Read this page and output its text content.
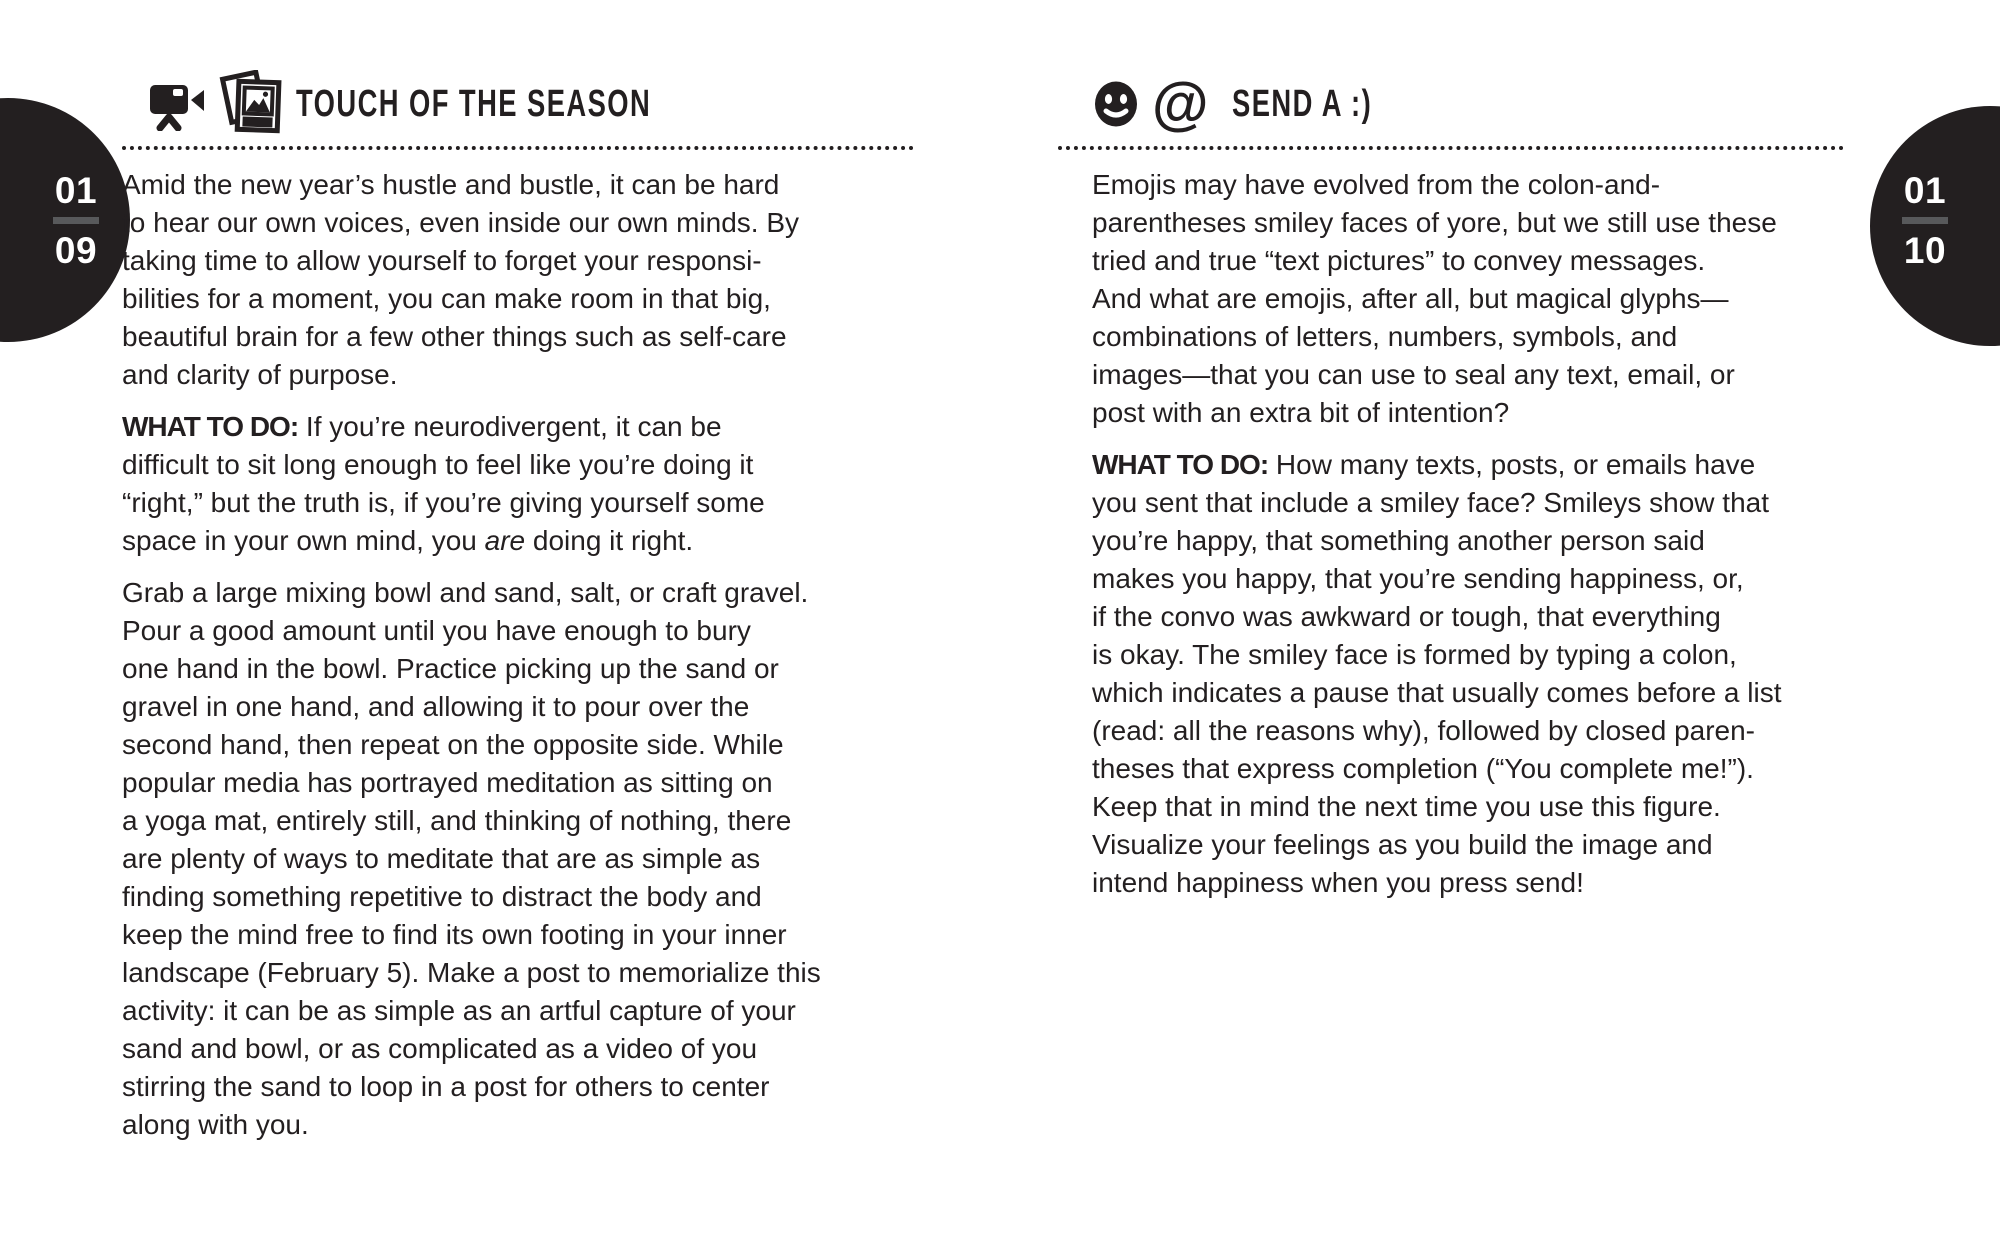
01
09
01
10
TOUCH OF THE SEASON
Amid the new year’s hustle and bustle, it can be hard
to hear our own voices, even inside our own minds. By
taking time to allow yourself to forget your responsi-
bilities for a moment, you can make room in that big,
beautiful brain for a few other things such as self-care
and clarity of purpose.
WHAT TO DO: If you’re neurodivergent, it can be
difficult to sit long enough to feel like you’re doing it
“right,” but the truth is, if you’re giving yourself some
space in your own mind, you are doing it right.
Grab a large mixing bowl and sand, salt, or craft gravel.
Pour a good amount until you have enough to bury
one hand in the bowl. Practice picking up the sand or
gravel in one hand, and allowing it to pour over the
second hand, then repeat on the opposite side. While
popular media has portrayed meditation as sitting on
a yoga mat, entirely still, and thinking of nothing, there
are plenty of ways to meditate that are as simple as
finding something repetitive to distract the body and
keep the mind free to find its own footing in your inner
landscape (February 5). Make a post to memorialize this
activity: it can be as simple as an artful capture of your
sand and bowl, or as complicated as a video of you
stirring the sand to loop in a post for others to center
along with you.
@ SEND A :)
Emojis may have evolved from the colon-and-
parentheses smiley faces of yore, but we still use these
tried and true “text pictures” to convey messages.
And what are emojis, after all, but magical glyphs—
combinations of letters, numbers, symbols, and
images—that you can use to seal any text, email, or
post with an extra bit of intention?
WHAT TO DO: How many texts, posts, or emails have
you sent that include a smiley face? Smileys show that
you’re happy, that something another person said
makes you happy, that you’re sending happiness, or,
if the convo was awkward or tough, that everything
is okay. The smiley face is formed by typing a colon,
which indicates a pause that usually comes before a list
(read: all the reasons why), followed by closed paren-
theses that express completion (“You complete me!”).
Keep that in mind the next time you use this figure.
Visualize your feelings as you build the image and
intend happiness when you press send!
